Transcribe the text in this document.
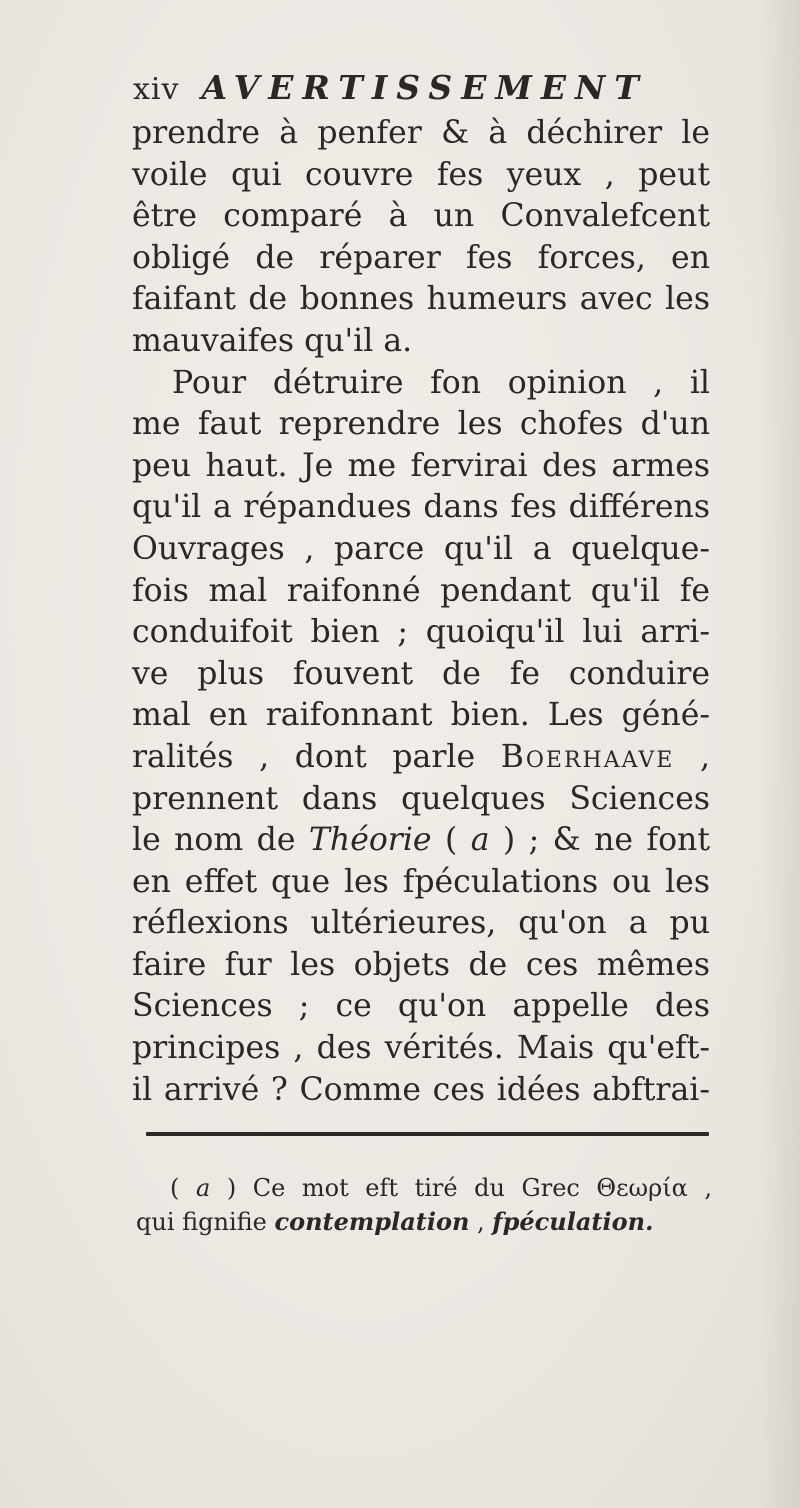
xiv AVERTISSEMENT
prendre à penfer & à déchirer le
voile qui couvre fes yeux , peut
être comparé à un Convalefcent
obligé de réparer fes forces, en
faifant de bonnes humeurs avec les
mauvaifes qu'il a.
Pour détruire fon opinion , il
me faut reprendre les chofes d'un
peu haut. Je me fervirai des armes
qu'il a répandues dans fes différens
Ouvrages , parce qu'il a quelque-
fois mal raifonné pendant qu'il fe
conduifoit bien ; quoiqu'il lui arri-
ve plus fouvent de fe conduire
mal en raifonnant bien. Les géné-
ralités , dont parle Boerhaave ,
prennent dans quelques Sciences
le nom de Théorie ( a ) ; & ne font
en effet que les fpéculations ou les
réflexions ultérieures, qu'on a pu
faire fur les objets de ces mêmes
Sciences ; ce qu'on appelle des
principes , des vérités. Mais qu'eft-
il arrivé ? Comme ces idées abftrai-
( a ) Ce mot eft tiré du Grec Θεωρία ,
qui fignifie contemplation , fpéculation.
